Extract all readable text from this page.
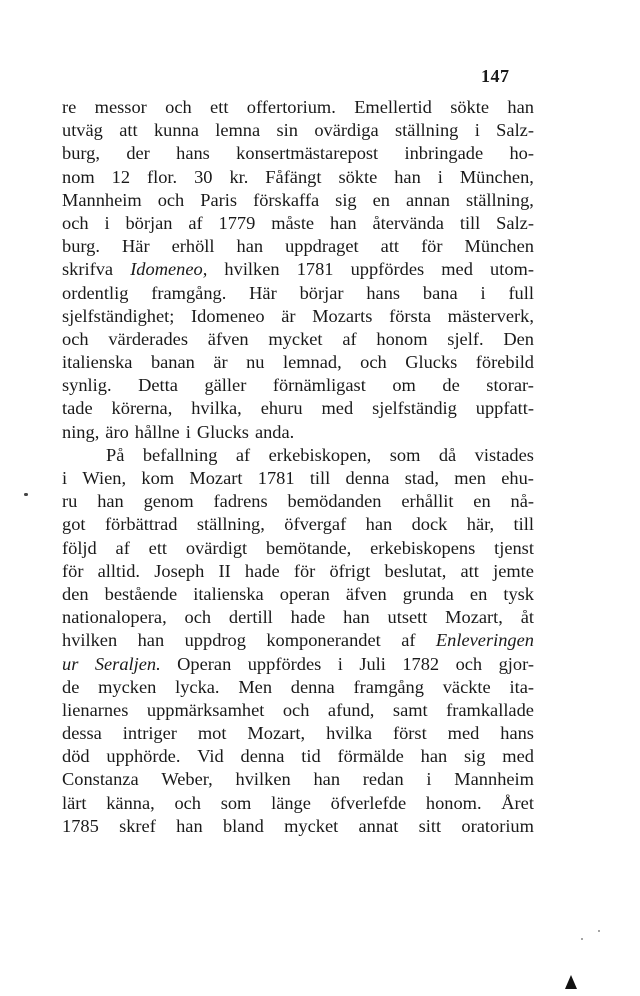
147
re messor och ett offertorium. Emellertid sökte han
utväg att kunna lemna sin ovärdiga ställning i Salz-
burg, der hans konsertmästarepost inbringade ho-
nom 12 flor. 30 kr. Fåfängt sökte han i München,
Mannheim och Paris förskaffa sig en annan ställning,
och i början af 1779 måste han återvända till Salz-
burg. Här erhöll han uppdraget att för München
skrifva Idomeneo, hvilken 1781 uppfördes med utom-
ordentlig framgång. Här börjar hans bana i full
sjelfständighet; Idomeneo är Mozarts första mästerverk,
och värderades äfven mycket af honom sjelf. Den
italienska banan är nu lemnad, och Glucks förebild
synlig. Detta gäller förnämligast om de storar-
tade körerna, hvilka, ehuru med sjelfständig uppfatt-
ning, äro hållne i Glucks anda.
På befallning af erkebiskopen, som då vistades
i Wien, kom Mozart 1781 till denna stad, men ehu-
ru han genom fadrens bemödanden erhållit en nå-
got förbättrad ställning, öfvergaf han dock här, till
följd af ett ovärdigt bemötande, erkebiskopens tjenst
för alltid. Joseph II hade för öfrigt beslutat, att jemte
den bestående italienska operan äfven grunda en tysk
nationalopera, och dertill hade han utsett Mozart, åt
hvilken han uppdrog komponerandet af Enleveringen
ur Seraljen. Operan uppfördes i Juli 1782 och gjor-
de mycken lycka. Men denna framgång väckte ita-
lienarnes uppmärksamhet och afund, samt framkallade
dessa intriger mot Mozart, hvilka först med hans
död upphörde. Vid denna tid förmälde han sig med
Constanza Weber, hvilken han redan i Mannheim
lärt känna, och som länge öfverlefde honom. Året
1785 skref han bland mycket annat sitt oratorium
